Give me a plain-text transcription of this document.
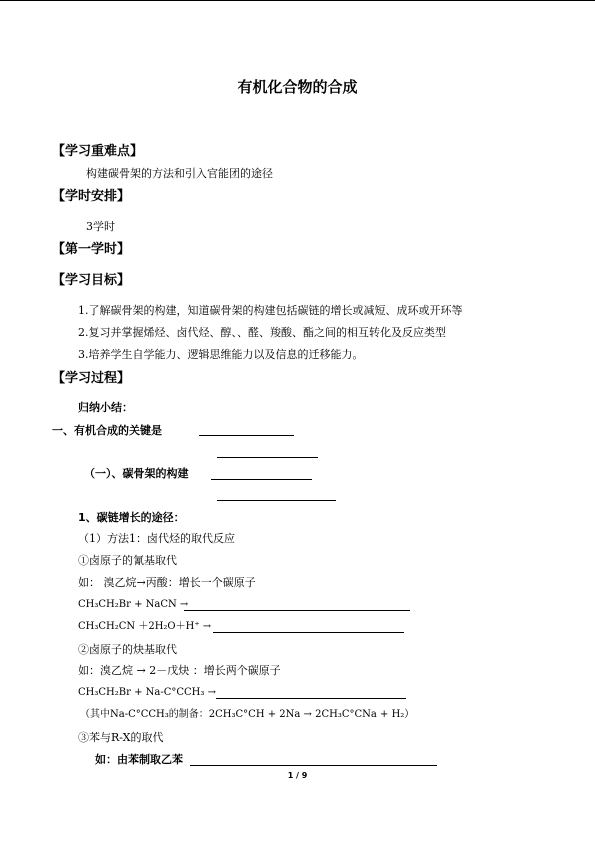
有机化合物的合成
【学习重难点】
构建碳骨架的方法和引入官能团的途径
【学时安排】
3学时
【第一学时】
【学习目标】
1.了解碳骨架的构建，知道碳骨架的构建包括碳链的增长或减短、成环或开环等
2.复习并掌握烯烃、卤代烃、醇、、醛、羧酸、酯之间的相互转化及反应类型
3.培养学生自学能力、逻辑思维能力以及信息的迁移能力。
【学习过程】
归纳小结：
一、有机合成的关键是
（一）、碳骨架的构建
1、碳链增长的途径：
（1）方法1：卤代烃的取代反应
①卤原子的氰基取代
如： 溴乙烷→丙酸：增长一个碳原子
CH₃CH₂Br + NaCN →
CH₃CH₂CN ＋2H₂O＋H⁺ →
②卤原子的炔基取代
如：溴乙烷 → 2－戊炔 ：增长两个碳原子
CH₃CH₂Br + Na-C°CCH₃ →
（其中Na-C°CCH₃的制备：2CH₃C°CH + 2Na → 2CH₃C°CNa + H₂）
③苯与R-X的取代
如：由苯制取乙苯
1 / 9
